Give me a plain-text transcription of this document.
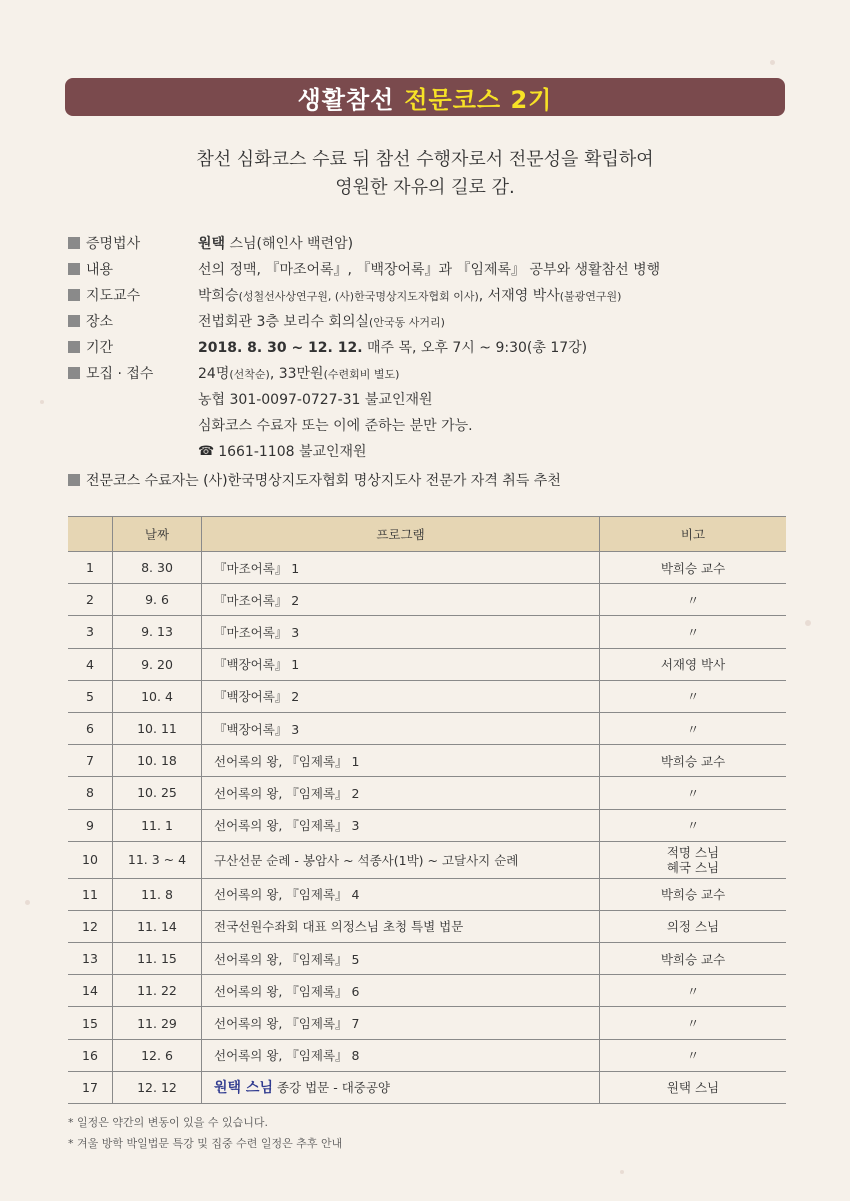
생활참선 전문코스 2기
참선 심화코스 수료 뒤 참선 수행자로서 전문성을 확립하여
영원한 자유의 길로 감.
증명법사	원택 스님(해인사 백련암)
내용	선의 정맥, 『마조어록』, 『백장어록』과 『임제록』 공부와 생활참선 병행
지도교수	박희승(성철선사상연구원, (사)한국명상지도자협회 이사), 서재영 박사(불광연구원)
장소	전법회관 3층 보리수 회의실(안국동 사거리)
기간	2018. 8. 30 ~ 12. 12. 매주 목, 오후 7시 ~ 9:30(총 17강)
모집 · 접수	24명(선착순), 33만원(수련회비 별도)
농협 301-0097-0727-31 불교인재원
심화코스 수료자 또는 이에 준하는 분만 가능.
☎ 1661-1108 불교인재원
전문코스 수료자는 (사)한국명상지도자협회 명상지도사 전문가 자격 취득 추천
	날짜	프로그램	비고
1	8. 30	『마조어록』 1	박희승 교수
2	9. 6	『마조어록』 2	〃
3	9. 13	『마조어록』 3	〃
4	9. 20	『백장어록』 1	서재영 박사
5	10. 4	『백장어록』 2	〃
6	10. 11	『백장어록』 3	〃
7	10. 18	선어록의 왕, 『임제록』 1	박희승 교수
8	10. 25	선어록의 왕, 『임제록』 2	〃
9	11. 1	선어록의 왕, 『임제록』 3	〃
10	11. 3 ~ 4	구산선문 순례 - 봉암사 ~ 석종사(1박) ~ 고달사지 순례	적명 스님
혜국 스님

11	11. 8	선어록의 왕, 『임제록』 4	박희승 교수
12	11. 14	전국선원수좌회 대표 의정스님 초청 특별 법문	의정 스님
13	11. 15	선어록의 왕, 『임제록』 5	박희승 교수
14	11. 22	선어록의 왕, 『임제록』 6	〃
15	11. 29	선어록의 왕, 『임제록』 7	〃
16	12. 6	선어록의 왕, 『임제록』 8	〃
17	12. 12	원택 스님 종강 법문 - 대중공양	원택 스님
* 일정은 약간의 변동이 있을 수 있습니다.
* 겨울 방학 박일법문 특강 및 집중 수련 일정은 추후 안내
